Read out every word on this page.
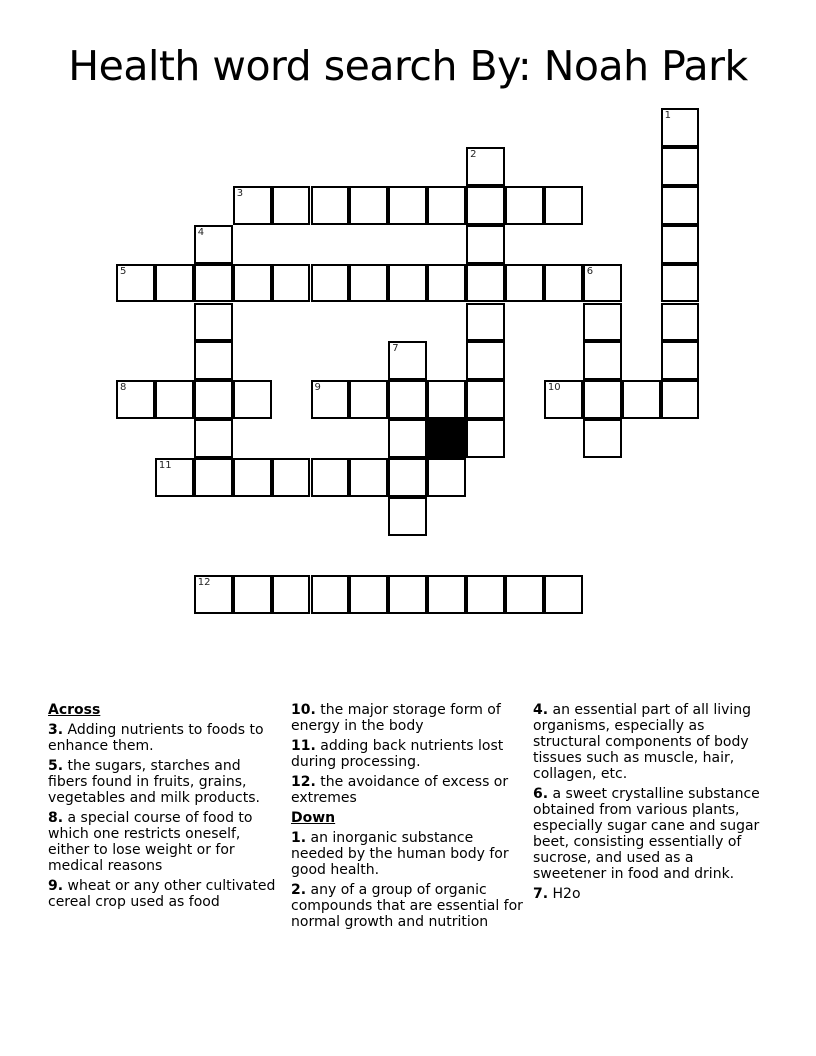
Health word search By: Noah Park
1
2
3
4
5	6
7
8	9	10
11
12
Across
3. Adding nutrients to foods to enhance them.
5. the sugars, starches and fibers found in fruits, grains, vegetables and milk products.
8. a special course of food to which one restricts oneself, either to lose weight or for medical reasons
9. wheat or any other cultivated cereal crop used as food
10. the major storage form of energy in the body
11. adding back nutrients lost during processing.
12. the avoidance of excess or extremes
Down
1. an inorganic substance needed by the human body for good health.
2. any of a group of organic compounds that are essential for normal growth and nutrition
4. an essential part of all living organisms, especially as structural components of body tissues such as muscle, hair, collagen, etc.
6. a sweet crystalline substance obtained from various plants, especially sugar cane and sugar beet, consisting essentially of sucrose, and used as a sweetener in food and drink.
7. H2o
